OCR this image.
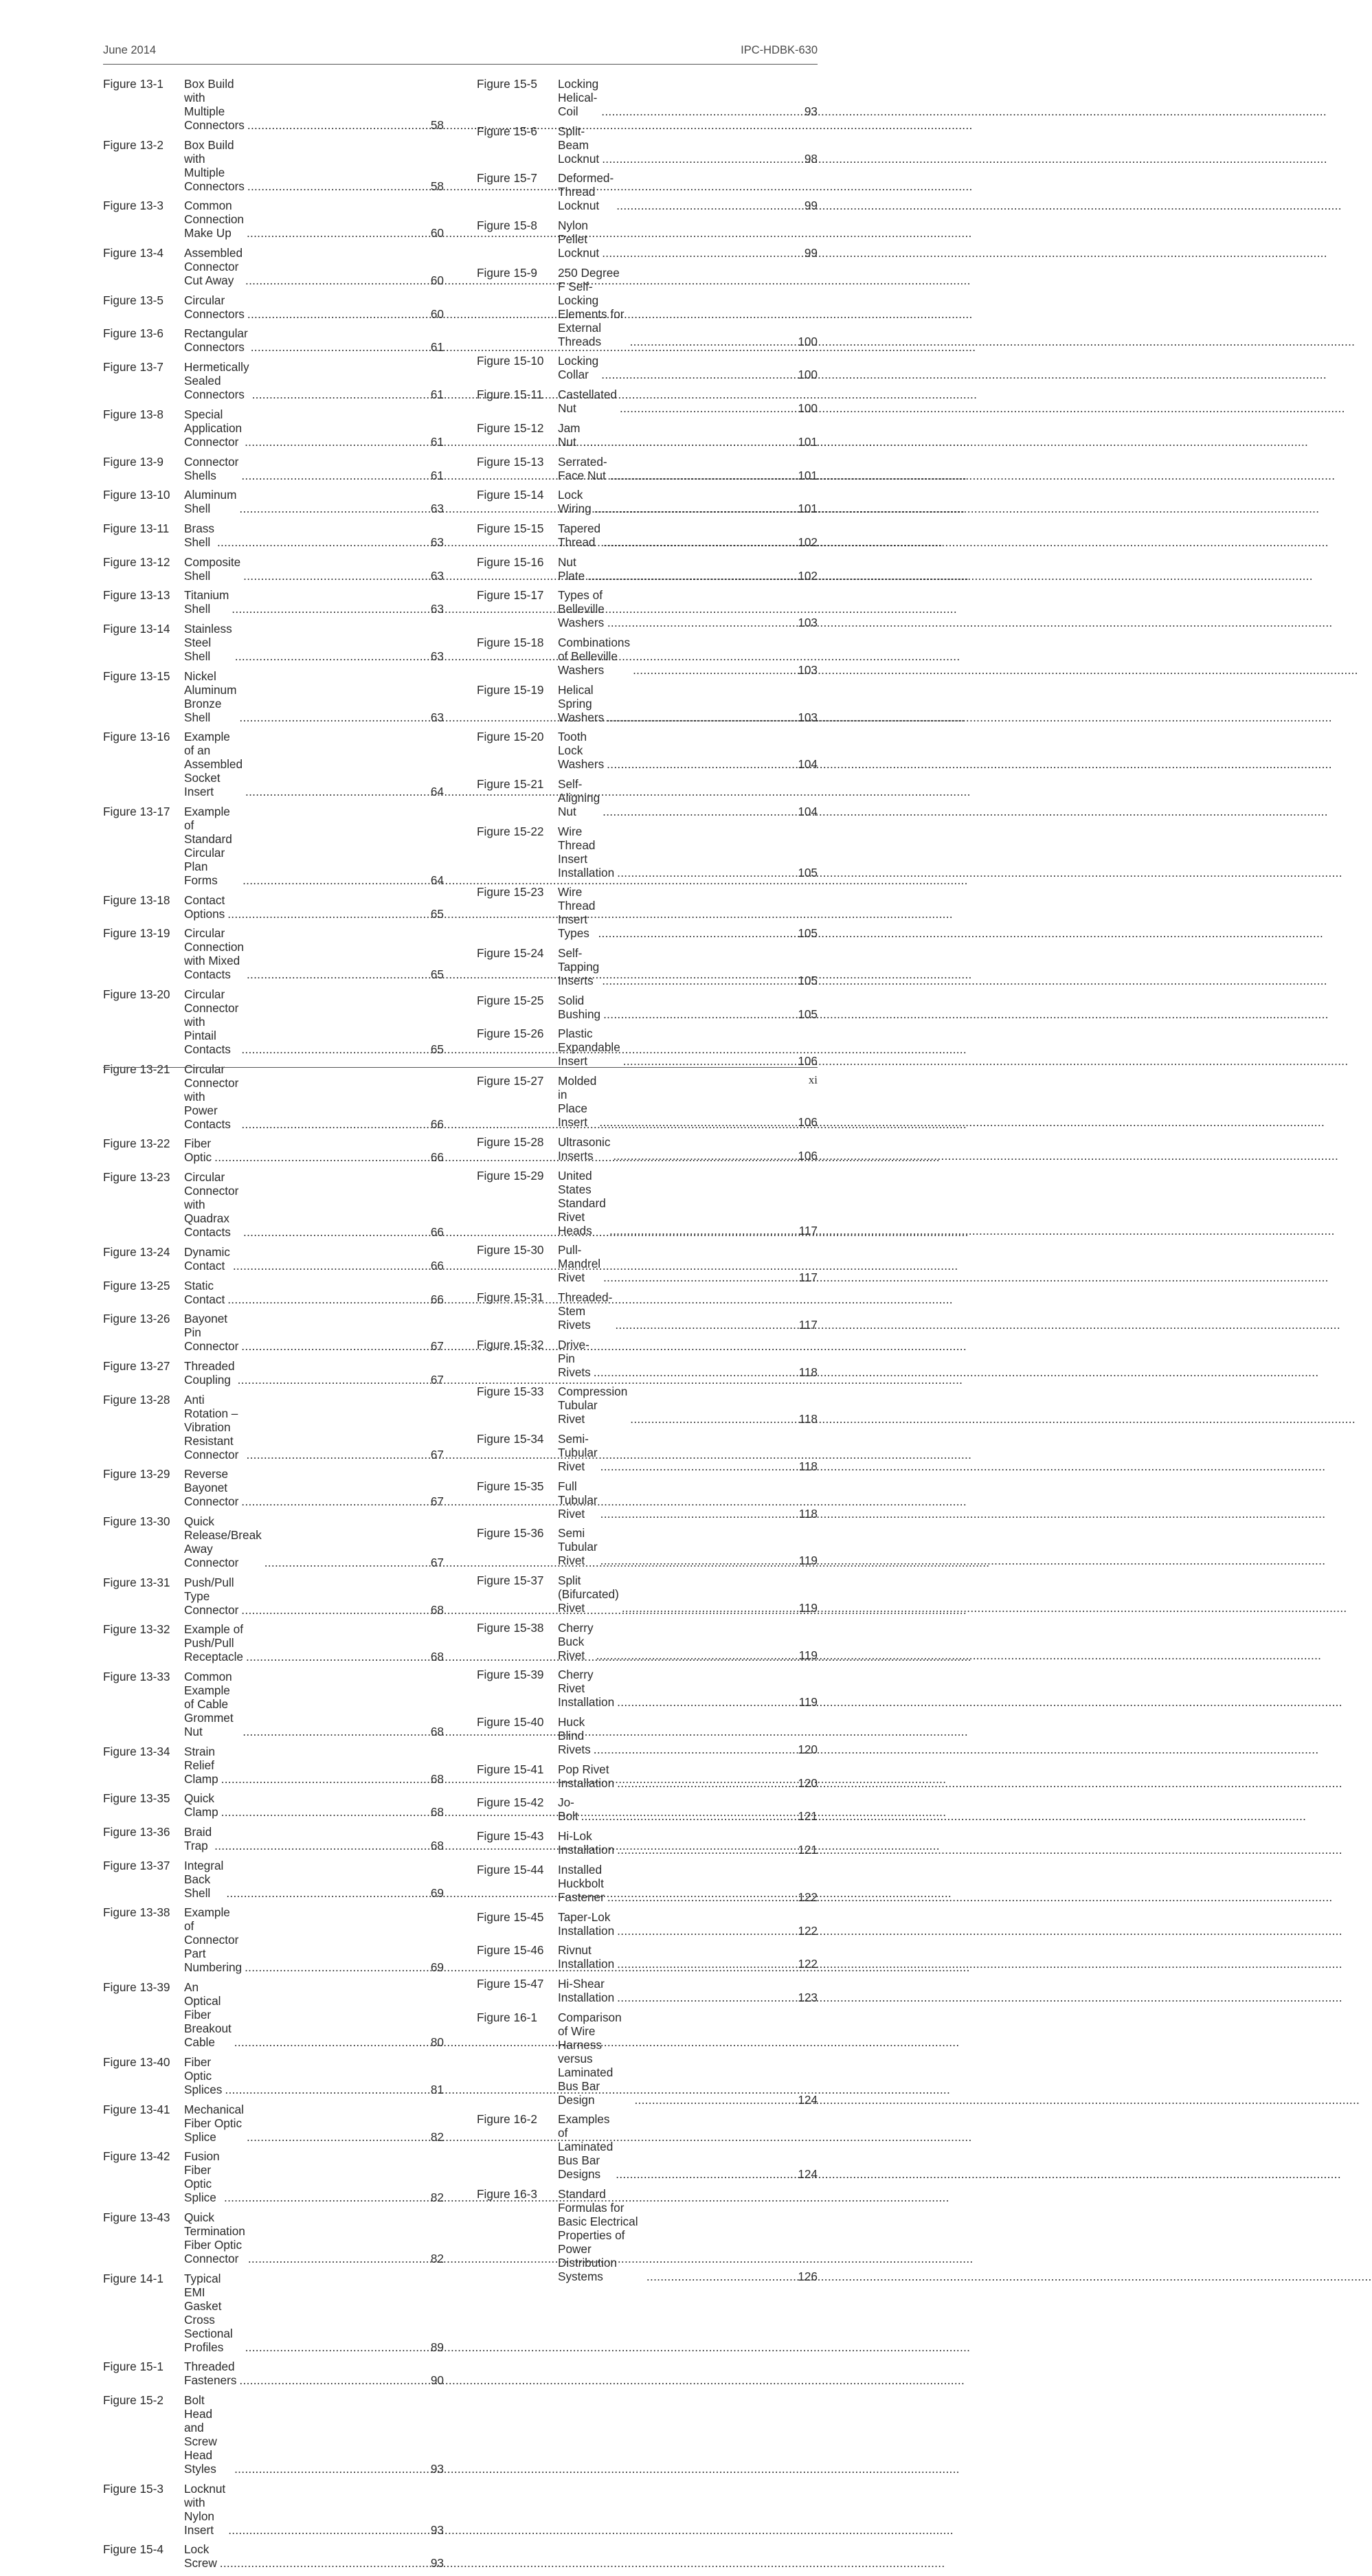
June 2014	IPC-HDBK-630
Figure 13-1	Box Build with Multiple Connectors .....	58
Figure 13-2	Box Build with Multiple Connectors .....	58
Figure 13-3	Common Connection Make Up .....	60
Figure 13-4	Assembled Connector Cut Away .....	60
Figure 13-5	Circular Connectors .....	60
Figure 13-6	Rectangular Connectors .....	61
Figure 13-7	Hermetically Sealed Connectors .....	61
Figure 13-8	Special Application Connector .....	61
Figure 13-9	Connector Shells .....	61
Figure 13-10	Aluminum Shell .....	63
Figure 13-11	Brass Shell .....	63
Figure 13-12	Composite Shell .....	63
Figure 13-13	Titanium Shell .....	63
Figure 13-14	Stainless Steel Shell .....	63
Figure 13-15	Nickel Aluminum Bronze Shell .....	63
Figure 13-16	Example of an Assembled Socket Insert .....	64
Figure 13-17	Example of Standard Circular Plan Forms .....	64
Figure 13-18	Contact Options .....	65
Figure 13-19	Circular Connection with Mixed Contacts .....	65
Figure 13-20	Circular Connector with Pintail Contacts .....	65
Figure 13-21	Circular Connector with Power Contacts .....	66
Figure 13-22	Fiber Optic .....	66
Figure 13-23	Circular Connector with Quadrax Contacts .....	66
Figure 13-24	Dynamic Contact .....	66
Figure 13-25	Static Contact .....	66
Figure 13-26	Bayonet Pin Connector .....	67
Figure 13-27	Threaded Coupling .....	67
Figure 13-28	Anti Rotation – Vibration Resistant Connector .....	67
Figure 13-29	Reverse Bayonet Connector .....	67
Figure 13-30	Quick Release/Break Away Connector .....	67
Figure 13-31	Push/Pull Type Connector .....	68
Figure 13-32	Example of Push/Pull Receptacle .....	68
Figure 13-33	Common Example of Cable Grommet Nut .....	68
Figure 13-34	Strain Relief Clamp .....	68
Figure 13-35	Quick Clamp .....	68
Figure 13-36	Braid Trap .....	68
Figure 13-37	Integral Back Shell .....	69
Figure 13-38	Example of Connector Part Numbering .....	69
Figure 13-39	An Optical Fiber Breakout Cable .....	80
Figure 13-40	Fiber Optic Splices .....	81
Figure 13-41	Mechanical Fiber Optic Splice .....	82
Figure 13-42	Fusion Fiber Optic Splice .....	82
Figure 13-43	Quick Termination Fiber Optic Connector .....	82
Figure 14-1	Typical EMI Gasket Cross Sectional Profiles .....	89
Figure 15-1	Threaded Fasteners .....	90
Figure 15-2	Bolt Head and Screw Head Styles .....	93
Figure 15-3	Locknut with Nylon Insert .....	93
Figure 15-4	Lock Screw .....	93
Figure 15-5	Locking Helical-Coil .....	93
Figure 15-6	Split-Beam Locknut .....	98
Figure 15-7	Deformed-Thread Locknut .....	99
Figure 15-8	Nylon Pellet Locknut .....	99
Figure 15-9	250 Degree F Self-Locking Elements for External Threads .....	100
Figure 15-10	Locking Collar .....	100
Figure 15-11	Castellated Nut .....	100
Figure 15-12	Jam Nut .....	101
Figure 15-13	Serrated-Face Nut .....	101
Figure 15-14	Lock Wiring .....	101
Figure 15-15	Tapered Thread .....	102
Figure 15-16	Nut Plate .....	102
Figure 15-17	Types of Belleville Washers .....	103
Figure 15-18	Combinations of Belleville Washers .....	103
Figure 15-19	Helical Spring Washers .....	103
Figure 15-20	Tooth Lock Washers .....	104
Figure 15-21	Self-Aligning Nut .....	104
Figure 15-22	Wire Thread Insert Installation .....	105
Figure 15-23	Wire Thread Insert Types .....	105
Figure 15-24	Self-Tapping Inserts .....	105
Figure 15-25	Solid Bushing .....	105
Figure 15-26	Plastic Expandable Insert .....	106
Figure 15-27	Molded in Place Insert .....	106
Figure 15-28	Ultrasonic Inserts .....	106
Figure 15-29	United States Standard Rivet Heads .....	117
Figure 15-30	Pull-Mandrel Rivet .....	117
Figure 15-31	Threaded-Stem Rivets .....	117
Figure 15-32	Drive-Pin Rivets .....	118
Figure 15-33	Compression Tubular Rivet .....	118
Figure 15-34	Semi-Tubular Rivet .....	118
Figure 15-35	Full Tubular Rivet .....	118
Figure 15-36	Semi Tubular Rivet .....	119
Figure 15-37	Split (Bifurcated) Rivet .....	119
Figure 15-38	Cherry Buck Rivet .....	119
Figure 15-39	Cherry Rivet Installation .....	119
Figure 15-40	Huck Blind Rivets .....	120
Figure 15-41	Pop Rivet Installation .....	120
Figure 15-42	Jo-Bolt .....	121
Figure 15-43	Hi-Lok Installation .....	121
Figure 15-44	Installed Huckbolt Fastener .....	122
Figure 15-45	Taper-Lok Installation .....	122
Figure 15-46	Rivnut Installation .....	122
Figure 15-47	Hi-Shear Installation .....	123
Figure 16-1	Comparison of Wire Harness versus Laminated Bus Bar Design .....	124
Figure 16-2	Examples of Laminated Bus Bar Designs .....	124
Figure 16-3	Standard Formulas for Basic Electrical Properties of Power Distribution Systems .....	126
xi
